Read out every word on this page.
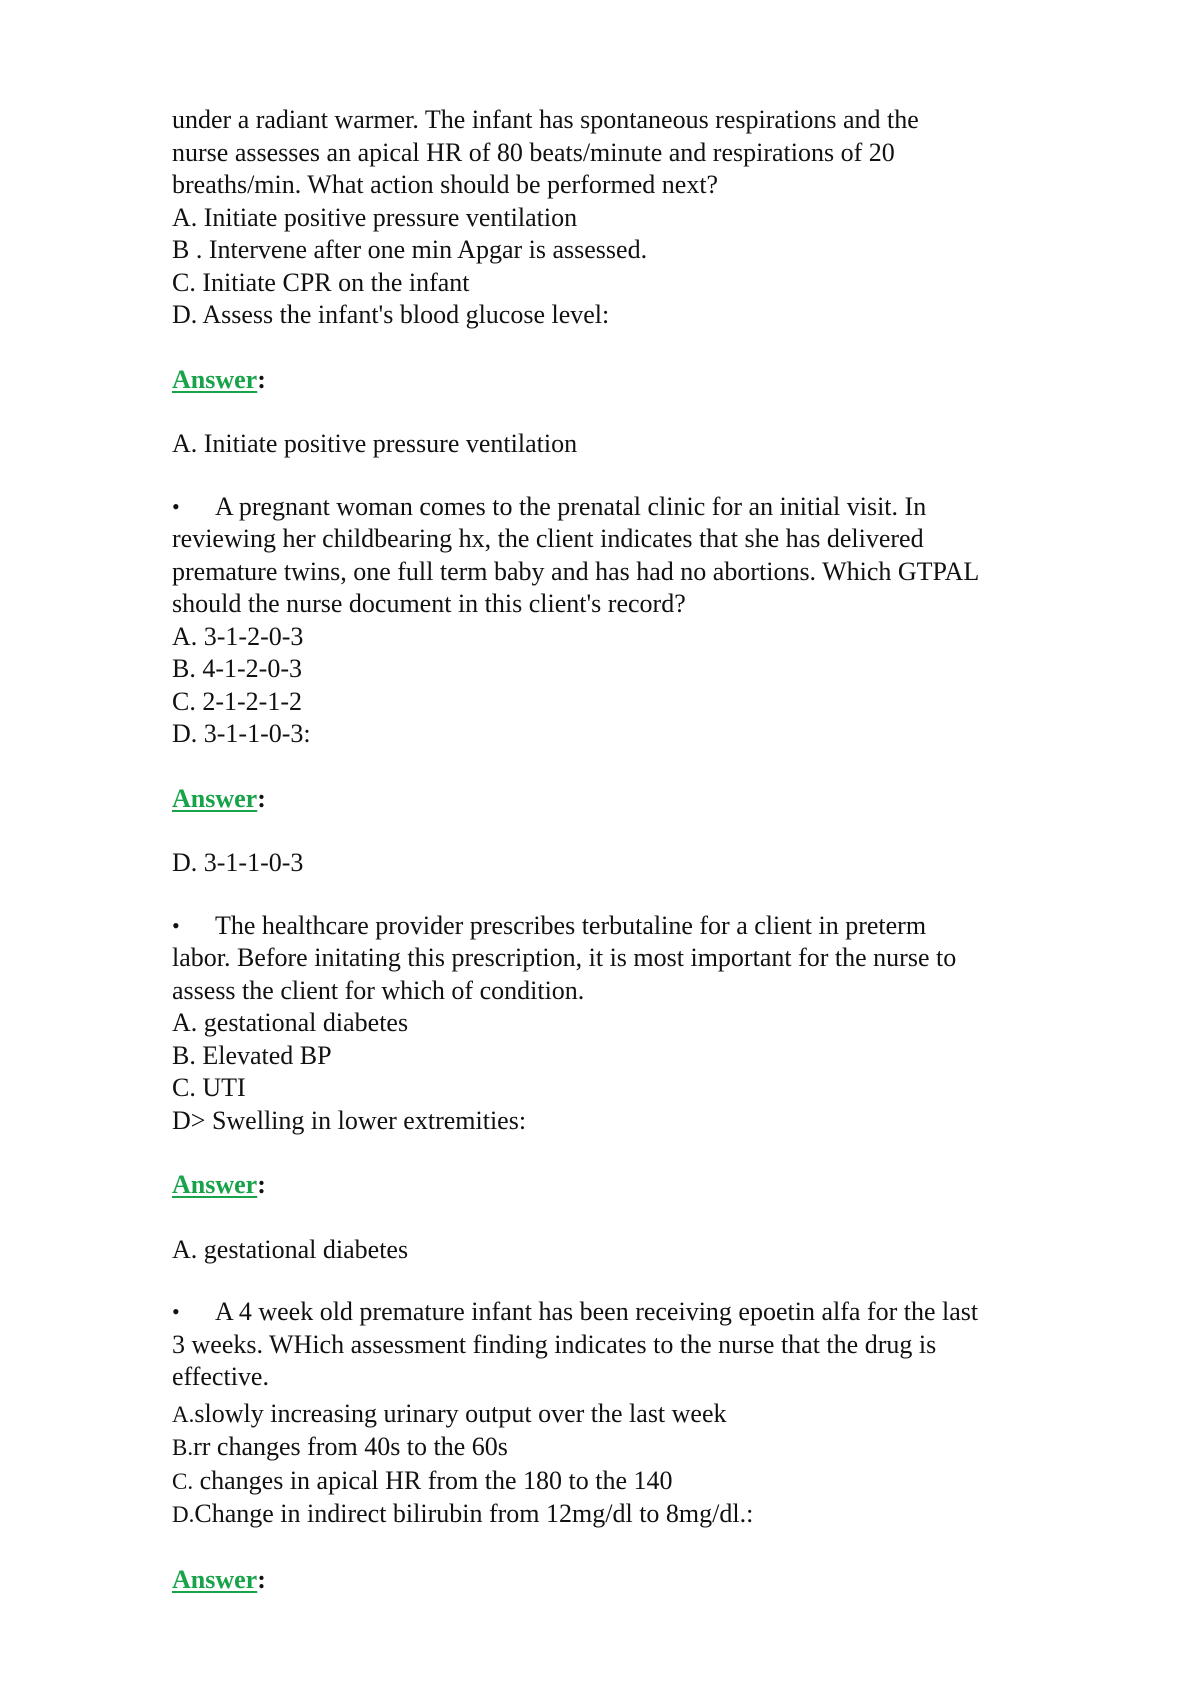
under a radiant warmer. The infant has spontaneous respirations and the
nurse assesses an apical HR of 80 beats/minute and respirations of 20
breaths/min. What action should be performed next?
A. Initiate positive pressure ventilation
B . Intervene after one min Apgar is assessed.
C. Initiate CPR on the infant
D. Assess the infant's blood glucose level:
Answer:
A. Initiate positive pressure ventilation
• A pregnant woman comes to the prenatal clinic for an initial visit. In
reviewing her childbearing hx, the client indicates that she has delivered
premature twins, one full term baby and has had no abortions. Which GTPAL
should the nurse document in this client's record?
A. 3-1-2-0-3
B. 4-1-2-0-3
C. 2-1-2-1-2
D. 3-1-1-0-3:
Answer:
D. 3-1-1-0-3
• The healthcare provider prescribes terbutaline for a client in preterm
labor. Before initating this prescription, it is most important for the nurse to
assess the client for which of condition.
A. gestational diabetes
B. Elevated BP
C. UTI
D> Swelling in lower extremities:
Answer:
A. gestational diabetes
• A 4 week old premature infant has been receiving epoetin alfa for the last
3 weeks. WHich assessment finding indicates to the nurse that the drug is
effective.
A.slowly increasing urinary output over the last week
B.rr changes from 40s to the 60s
C. changes in apical HR from the 180 to the 140
D.Change in indirect bilirubin from 12mg/dl to 8mg/dl.:
Answer:
